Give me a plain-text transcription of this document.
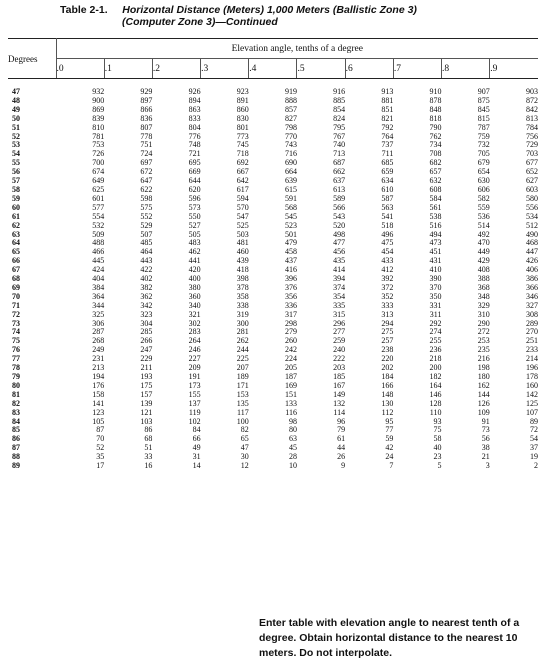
Table 2-1. Horizontal Distance (Meters) 1,000 Meters (Ballistic Zone 3)
(Computer Zone 3)—Continued
Degrees	Elevation angle, tenths of a degree									
	.0	.1	.2	.3	.4	.5	.6	.7	.8	.9
47	932	929	926	923	919	916	913	910	907	903
48	900	897	894	891	888	885	881	878	875	872
49	869	866	863	860	857	854	851	848	845	842
50	839	836	833	830	827	824	821	818	815	813
51	810	807	804	801	798	795	792	790	787	784
52	781	778	776	773	770	767	764	762	759	756
53	753	751	748	745	743	740	737	734	732	729
54	726	724	721	718	716	713	711	708	705	703
55	700	697	695	692	690	687	685	682	679	677
56	674	672	669	667	664	662	659	657	654	652
57	649	647	644	642	639	637	634	632	630	627
58	625	622	620	617	615	613	610	608	606	603
59	601	598	596	594	591	589	587	584	582	580
60	577	575	573	570	568	566	563	561	559	556
61	554	552	550	547	545	543	541	538	536	534
62	532	529	527	525	523	520	518	516	514	512
63	509	507	505	503	501	498	496	494	492	490
64	488	485	483	481	479	477	475	473	470	468
65	466	464	462	460	458	456	454	451	449	447
66	445	443	441	439	437	435	433	431	429	426
67	424	422	420	418	416	414	412	410	408	406
68	404	402	400	398	396	394	392	390	388	386
69	384	382	380	378	376	374	372	370	368	366
70	364	362	360	358	356	354	352	350	348	346
71	344	342	340	338	336	335	333	331	329	327
72	325	323	321	319	317	315	313	311	310	308
73	306	304	302	300	298	296	294	292	290	289
74	287	285	283	281	279	277	275	274	272	270
75	268	266	264	262	260	259	257	255	253	251
76	249	247	246	244	242	240	238	236	235	233
77	231	229	227	225	224	222	220	218	216	214
78	213	211	209	207	205	203	202	200	198	196
79	194	193	191	189	187	185	184	182	180	178
80	176	175	173	171	169	167	166	164	162	160
81	158	157	155	153	151	149	148	146	144	142
82	141	139	137	135	133	132	130	128	126	125
83	123	121	119	117	116	114	112	110	109	107
84	105	103	102	100	98	96	95	93	91	89
85	87	86	84	82	80	79	77	75	73	72
86	70	68	66	65	63	61	59	58	56	54
87	52	51	49	47	45	44	42	40	38	37
88	35	33	31	30	28	26	24	23	21	19
89	17	16	14	12	10	9	7	5	3	2
Enter table with elevation angle to nearest tenth of a
degree. Obtain horizontal distance to the nearest 10
meters. Do not interpolate.
